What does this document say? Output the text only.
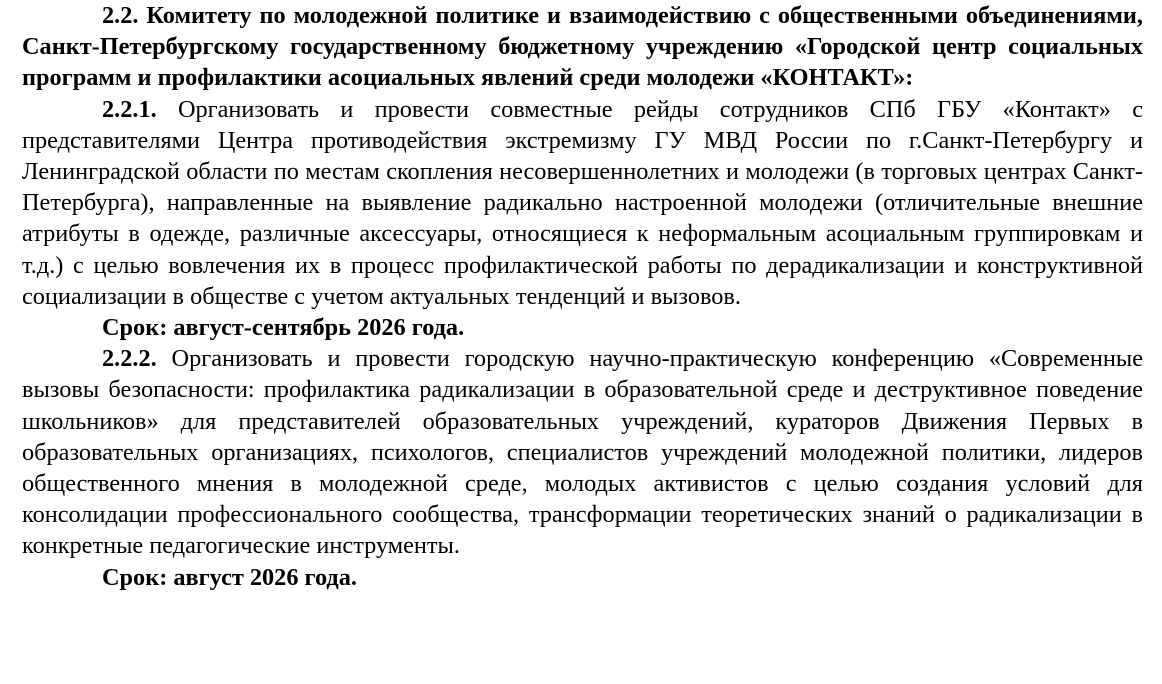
2.2. Комитету по молодежной политике и взаимодействию с общественными объединениями, Санкт-Петербургскому государственному бюджетному учреждению «Городской центр социальных программ и профилактики асоциальных явлений среди молодежи «КОНТАКТ»:

2.2.1. Организовать и провести совместные рейды сотрудников СПб ГБУ «Контакт» с представителями Центра противодействия экстремизму ГУ МВД России по г.Санкт-Петербургу и Ленинградской области по местам скопления несовершеннолетних и молодежи (в торговых центрах Санкт-Петербурга), направленные на выявление радикально настроенной молодежи (отличительные внешние атрибуты в одежде, различные аксессуары, относящиеся к неформальным асоциальным группировкам и т.д.) с целью вовлечения их в процесс профилактической работы по дерадикализации и конструктивной социализации в обществе с учетом актуальных тенденций и вызовов.

Срок: август-сентябрь 2026 года.

2.2.2. Организовать и провести городскую научно-практическую конференцию «Современные вызовы безопасности: профилактика радикализации в образовательной среде и деструктивное поведение школьников» для представителей образовательных учреждений, кураторов Движения Первых в образовательных организациях, психологов, специалистов учреждений молодежной политики, лидеров общественного мнения в молодежной среде, молодых активистов с целью создания условий для консолидации профессионального сообщества, трансформации теоретических знаний о радикализации в конкретные педагогические инструменты.

Срок: август 2026 года.
